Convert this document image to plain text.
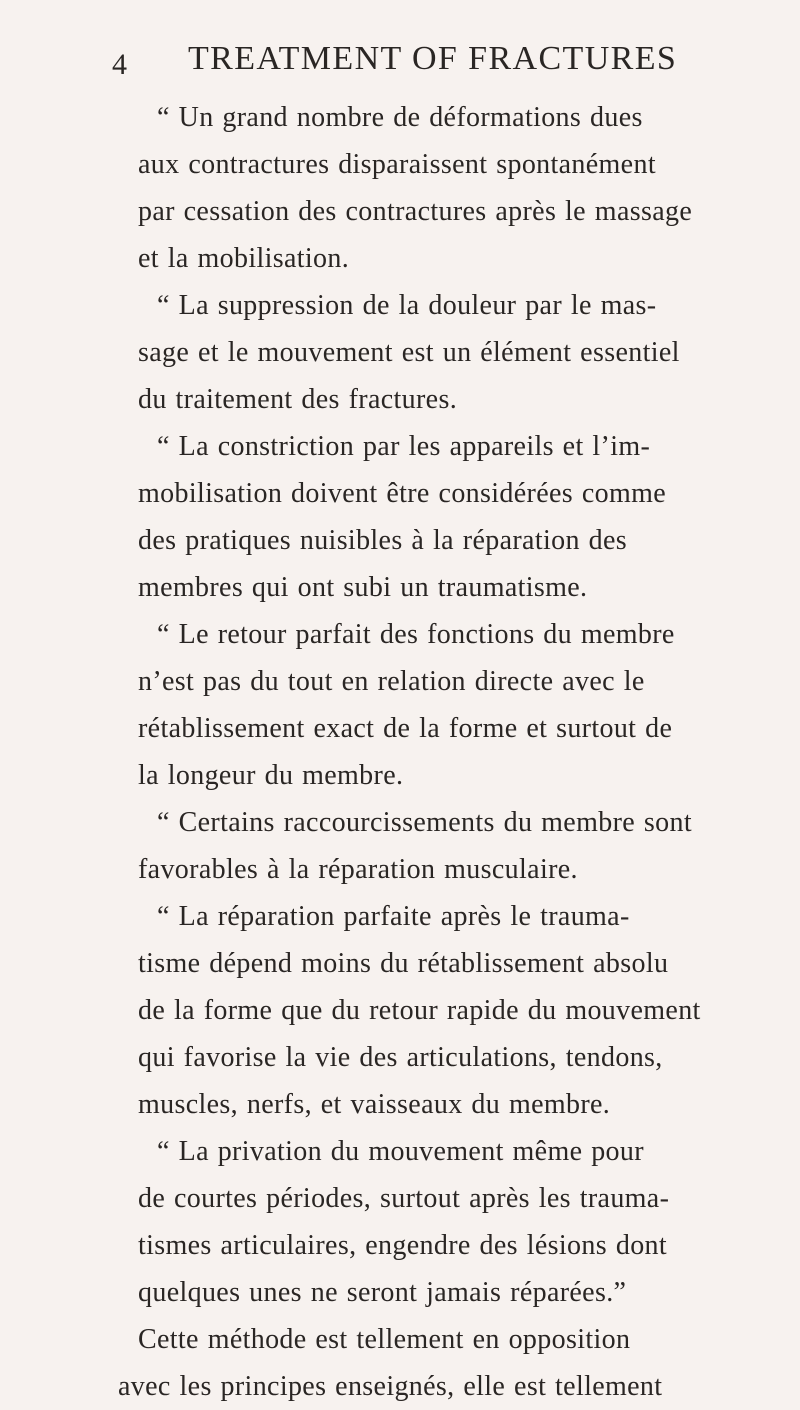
4 TREATMENT OF FRACTURES
“ Un grand nombre de déformations dues
aux contractures disparaissent spontanément
par cessation des contractures après le massage
et la mobilisation.
“ La suppression de la douleur par le mas-
sage et le mouvement est un élément essentiel
du traitement des fractures.
“ La constriction par les appareils et l’im-
mobilisation doivent être considérées comme
des pratiques nuisibles à la réparation des
membres qui ont subi un traumatisme.
“ Le retour parfait des fonctions du membre
n’est pas du tout en relation directe avec le
rétablissement exact de la forme et surtout de
la longeur du membre.
“ Certains raccourcissements du membre sont
favorables à la réparation musculaire.
“ La réparation parfaite après le trauma-
tisme dépend moins du rétablissement absolu
de la forme que du retour rapide du mouvement
qui favorise la vie des articulations, tendons,
muscles, nerfs, et vaisseaux du membre.
“ La privation du mouvement même pour
de courtes périodes, surtout après les trauma-
tismes articulaires, engendre des lésions dont
quelques unes ne seront jamais réparées.”
Cette méthode est tellement en opposition
avec les principes enseignés, elle est tellement
